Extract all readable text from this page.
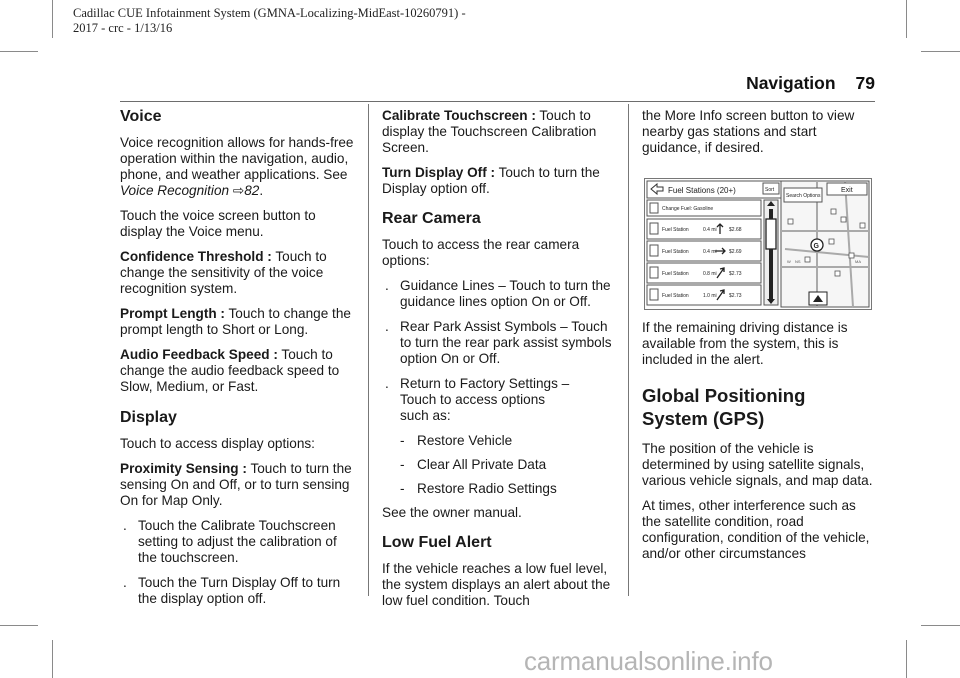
Cadillac CUE Infotainment System (GMNA-Localizing-MidEast-10260791) -
2017 - crc - 1/13/16
Navigation 79
Voice

Voice recognition allows for hands-free operation within the navigation, audio, phone, and weather applications. See Voice Recognition ⇨82.

Touch the voice screen button to display the Voice menu.

Confidence Threshold : Touch to change the sensitivity of the voice recognition system.

Prompt Length : Touch to change the prompt length to Short or Long.

Audio Feedback Speed : Touch to change the audio feedback speed to Slow, Medium, or Fast.

Display

Touch to access display options:

Proximity Sensing : Touch to turn the sensing On and Off, or to turn sensing On for Map Only.

. Touch the Calibrate Touchscreen setting to adjust the calibration of the touchscreen.
. Touch the Turn Display Off to turn the display option off.

Calibrate Touchscreen : Touch to display the Touchscreen Calibration Screen.

Turn Display Off : Touch to turn the Display option off.

Rear Camera

Touch to access the rear camera options:

. Guidance Lines – Touch to turn the guidance lines option On or Off.
. Rear Park Assist Symbols – Touch to turn the rear park assist symbols option On or Off.
. Return to Factory Settings – Touch to access options such as:
- Restore Vehicle
- Clear All Private Data
- Restore Radio Settings

See the owner manual.

Low Fuel Alert

If the vehicle reaches a low fuel level, the system displays an alert about the low fuel condition. Touch

the More Info screen button to view nearby gas stations and start guidance, if desired.

Fuel Stations (20+)	Sort
Change Fuel: Gasoline
Fuel Station	0.4 mi $2.68
Fuel Station	0.4 mi $2.69
Fuel Station	0.8 mi $2.73
Fuel Station	1.0 mi $2.73
Search Options
Exit
G
W NS	MA

If the remaining driving distance is available from the system, this is included in the alert.

Global Positioning
System (GPS)

The position of the vehicle is determined by using satellite signals, various vehicle signals, and map data.

At times, other interference such as the satellite condition, road configuration, condition of the vehicle, and/or other circumstances

carmanualsonline.info
